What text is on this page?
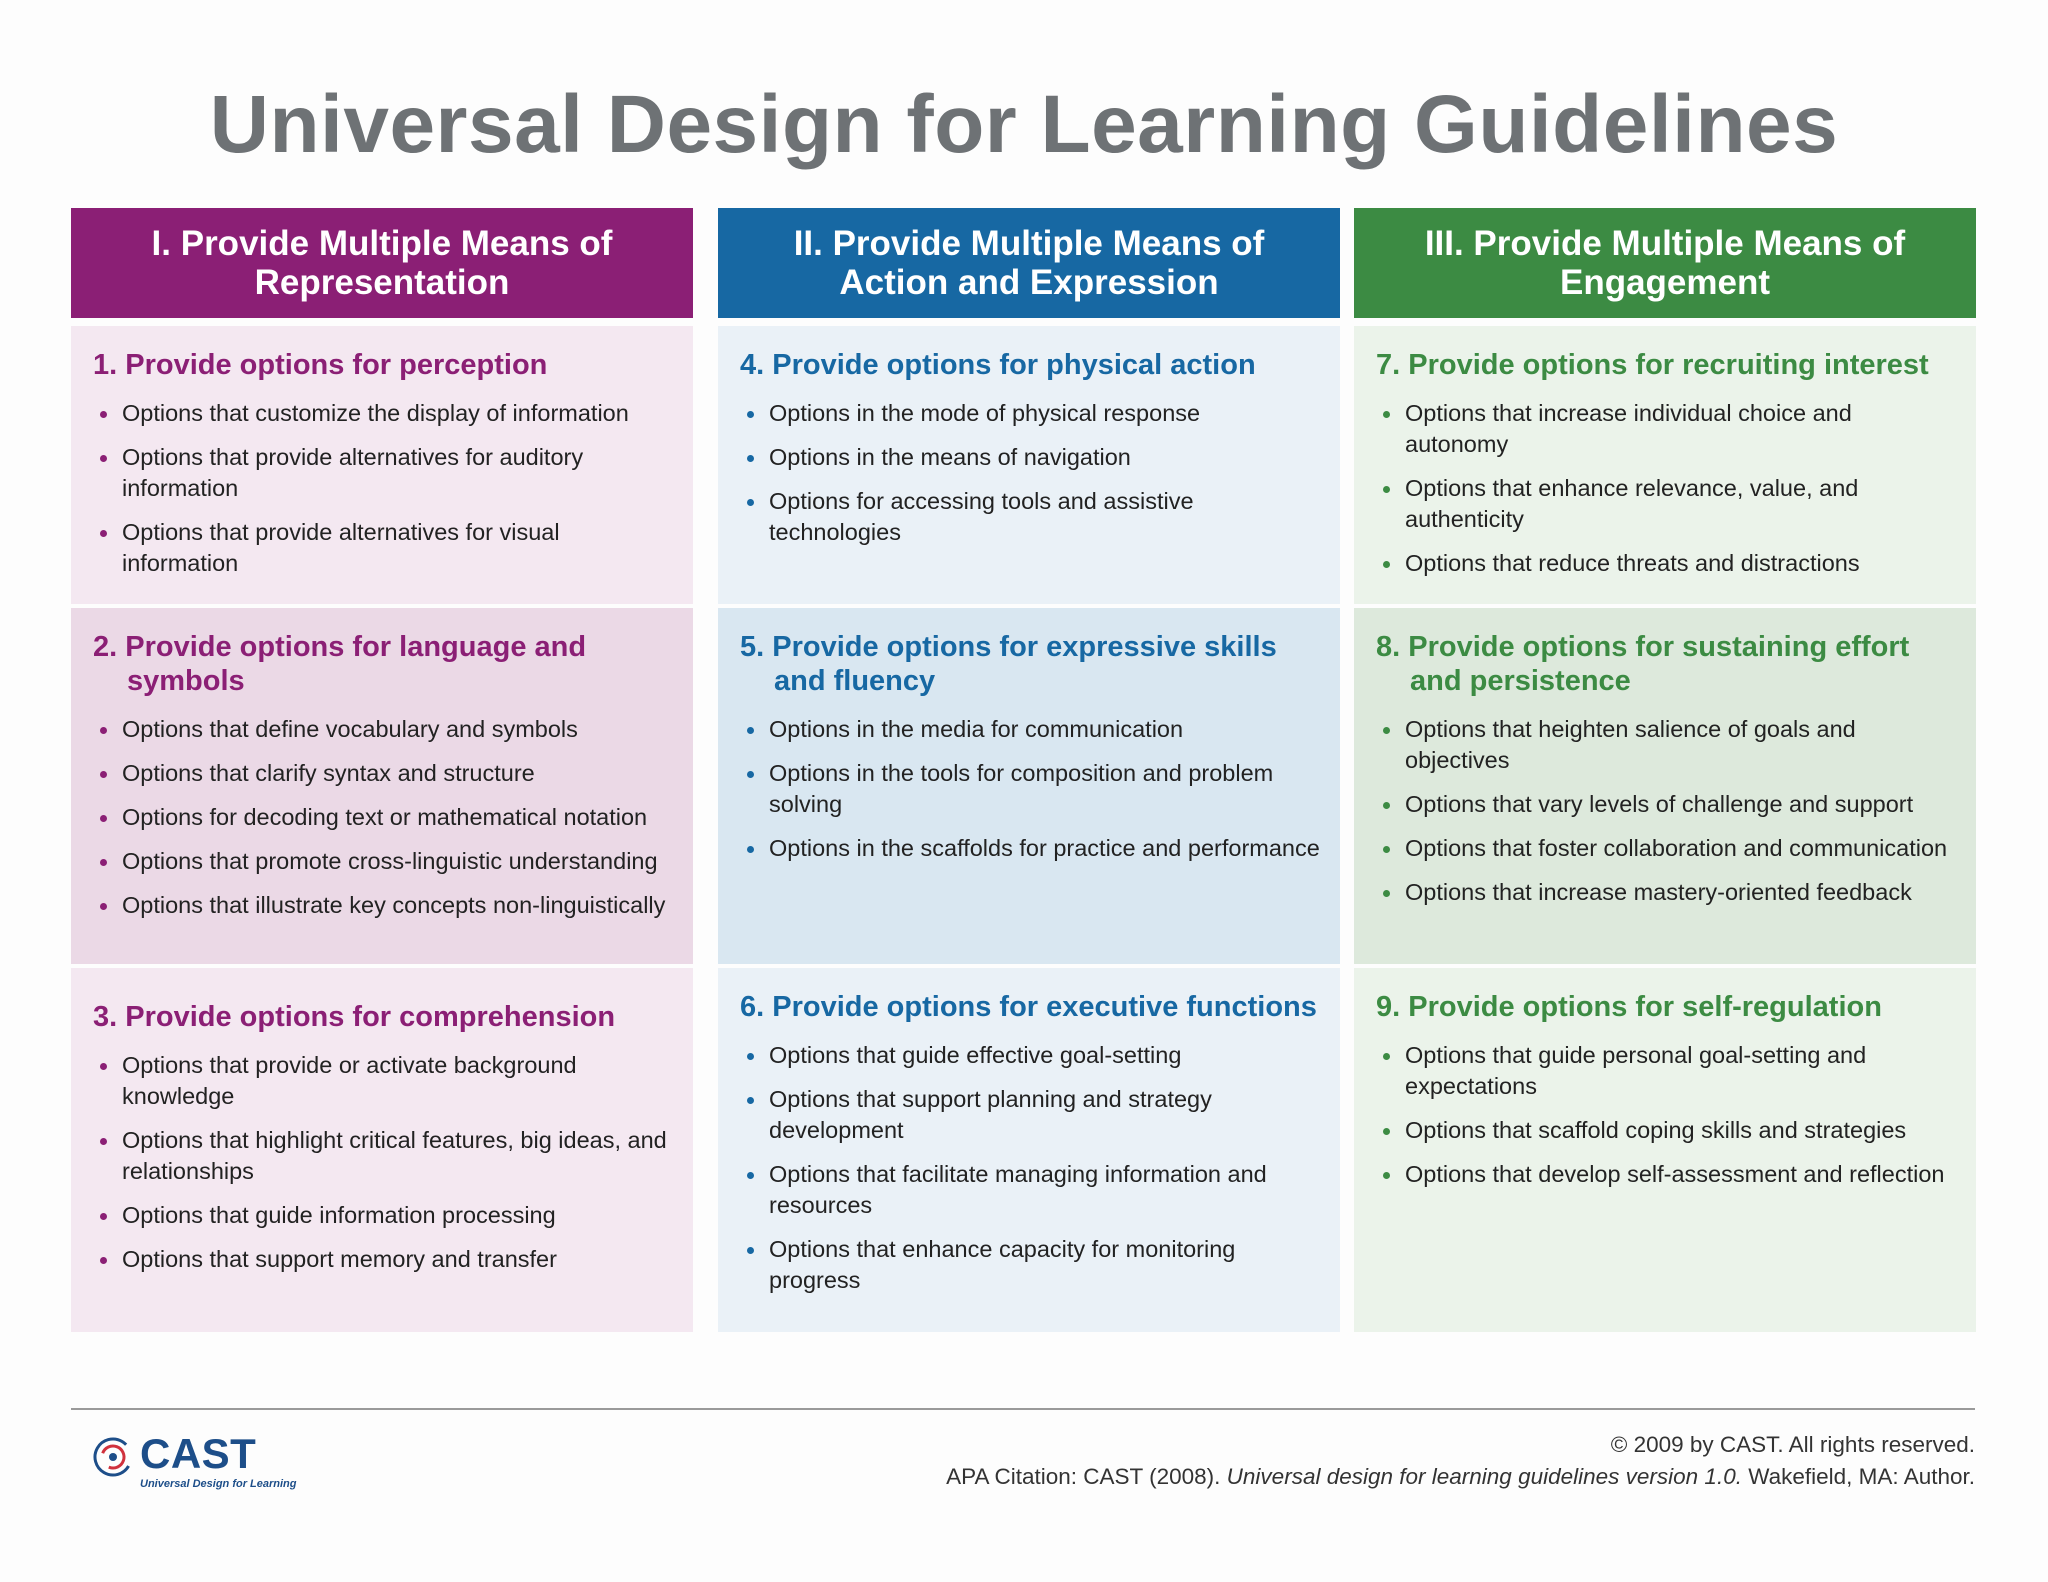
Universal Design for Learning Guidelines
I. Provide Multiple Means of
Representation
1. Provide options for perception
Options that customize the display of information
Options that provide alternatives for auditory information
Options that provide alternatives for visual information
2. Provide options for language and symbols
Options that define vocabulary and symbols
Options that clarify syntax and structure
Options for decoding text or mathematical notation
Options that promote cross-linguistic understanding
Options that illustrate key concepts non-linguistically
3. Provide options for comprehension
Options that provide or activate background knowledge
Options that highlight critical features, big ideas, and relationships
Options that guide information processing
Options that support memory and transfer
II. Provide Multiple Means of
Action and Expression
4. Provide options for physical action
Options in the mode of physical response
Options in the means of navigation
Options for accessing tools and assistive technologies
5. Provide options for expressive skills and fluency
Options in the media for communication
Options in the tools for composition and problem solving
Options in the scaffolds for practice and performance
6. Provide options for executive functions
Options that guide effective goal-setting
Options that support planning and strategy development
Options that facilitate managing information and resources
Options that enhance capacity for monitoring progress
III. Provide Multiple Means of
Engagement
7. Provide options for recruiting interest
Options that increase individual choice and autonomy
Options that enhance relevance, value, and authenticity
Options that reduce threats and distractions
8. Provide options for sustaining effort and persistence
Options that heighten salience of goals and objectives
Options that vary levels of challenge and support
Options that foster collaboration and communication
Options that increase mastery-oriented feedback
9. Provide options for self-regulation
Options that guide personal goal-setting and expectations
Options that scaffold coping skills and strategies
Options that develop self-assessment and reflection
CAST
Universal Design for Learning
© 2009 by CAST. All rights reserved.
APA Citation: CAST (2008). Universal design for learning guidelines version 1.0. Wakefield, MA: Author.
